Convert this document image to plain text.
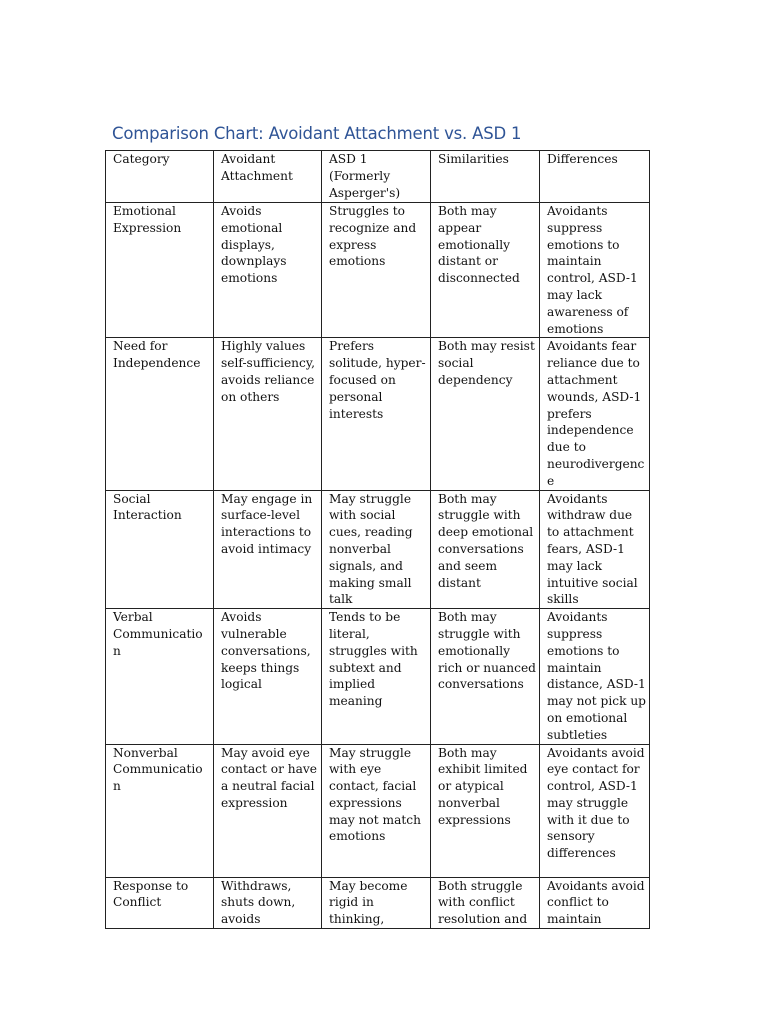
Comparison Chart: Avoidant Attachment vs. ASD 1
Category	Avoidant Attachment	ASD 1 (Formerly Asperger's)	Similarities	Differences

Emotional Expression	Avoids emotional displays, downplays emotions	Struggles to recognize and express emotions	Both may appear emotionally distant or disconnected	Avoidants suppress emotions to maintain control, ASD-1 may lack awareness of emotions

Need for Independence	Highly values self-sufficiency, avoids reliance on others	Prefers solitude, hyper-focused on personal interests	Both may resist social dependency	Avoidants fear reliance due to attachment wounds, ASD-1 prefers independence due to neurodivergence

Social Interaction	May engage in surface-level interactions to avoid intimacy	May struggle with social cues, reading nonverbal signals, and making small talk	Both may struggle with deep emotional conversations and seem distant	Avoidants withdraw due to attachment fears, ASD-1 may lack intuitive social skills

Verbal Communication	Avoids vulnerable conversations, keeps things logical	Tends to be literal, struggles with subtext and implied meaning	Both may struggle with emotionally rich or nuanced conversations	Avoidants suppress emotions to maintain distance, ASD-1 may not pick up on emotional subtleties

Nonverbal Communication	May avoid eye contact or have a neutral facial expression	May struggle with eye contact, facial expressions may not match emotions	Both may exhibit limited or atypical nonverbal expressions	Avoidants avoid eye contact for control, ASD-1 may struggle with it due to sensory differences

Response to Conflict	Withdraws, shuts down, avoids	May become rigid in thinking,	Both struggle with conflict resolution and	Avoidants avoid conflict to maintain
